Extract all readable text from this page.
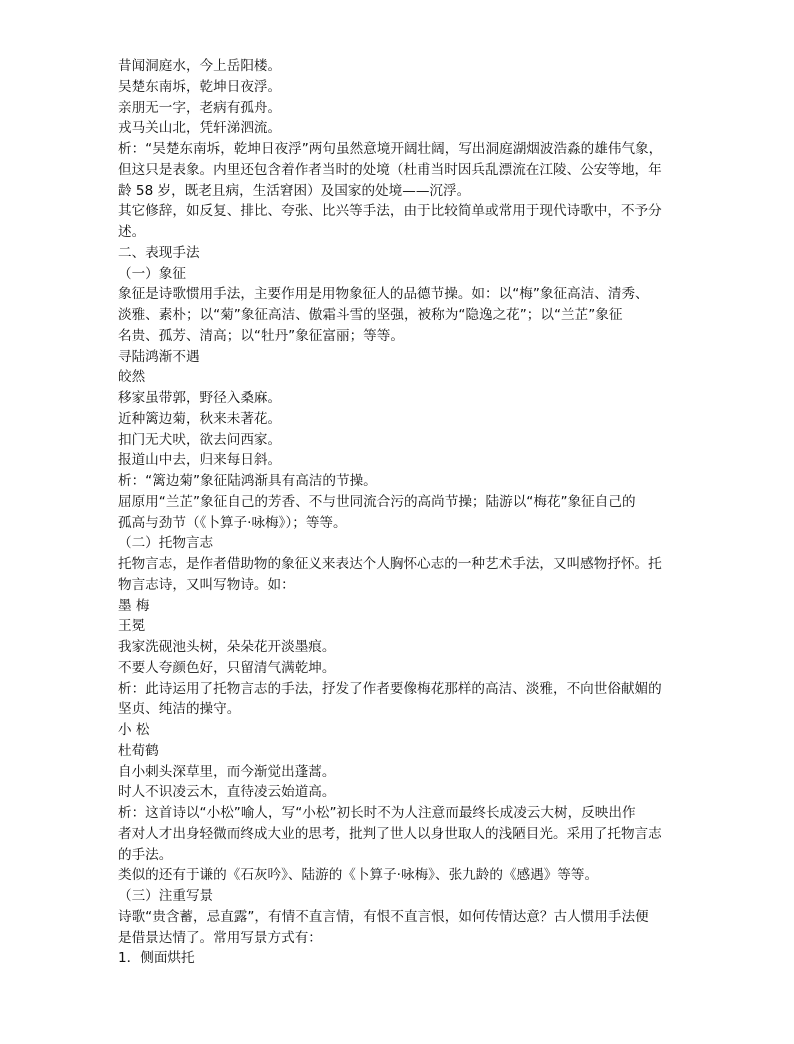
昔闻洞庭水，今上岳阳楼。
吴楚东南坼，乾坤日夜浮。
亲朋无一字，老病有孤舟。
戎马关山北，凭轩涕泗流。
析：“吴楚东南坼，乾坤日夜浮”两句虽然意境开阔壮阔，写出洞庭湖烟波浩淼的雄伟气象，
但这只是表象。内里还包含着作者当时的处境（杜甫当时因兵乱漂流在江陵、公安等地，年
龄 58 岁，既老且病，生活窘困）及国家的处境——沉浮。
其它修辞，如反复、排比、夸张、比兴等手法，由于比较简单或常用于现代诗歌中，不予分
述。
二、表现手法
（一）象征
象征是诗歌惯用手法，主要作用是用物象征人的品德节操。如：以“梅”象征高洁、清秀、
淡雅、素朴；以“菊”象征高洁、傲霜斗雪的坚强，被称为“隐逸之花”；以“兰芷”象征
名贵、孤芳、清高；以“牡丹”象征富丽；等等。
寻陆鸿渐不遇
皎然
移家虽带郭，野径入桑麻。
近种篱边菊，秋来未著花。
扣门无犬吠，欲去问西家。
报道山中去，归来每日斜。
析：“篱边菊”象征陆鸿渐具有高洁的节操。
屈原用“兰芷”象征自己的芳香、不与世同流合污的高尚节操；陆游以“梅花”象征自己的
孤高与劲节（《卜算子·咏梅》）；等等。
（二）托物言志
托物言志，是作者借助物的象征义来表达个人胸怀心志的一种艺术手法，又叫感物抒怀。托
物言志诗，又叫写物诗。如：
墨 梅
王冕
我家洗砚池头树，朵朵花开淡墨痕。
不要人夸颜色好，只留清气满乾坤。
析：此诗运用了托物言志的手法，抒发了作者要像梅花那样的高洁、淡雅，不向世俗献媚的
坚贞、纯洁的操守。
小 松
杜荀鹤
自小刺头深草里，而今渐觉出蓬蒿。
时人不识凌云木，直待凌云始道高。
析：这首诗以“小松”喻人，写“小松”初长时不为人注意而最终长成凌云大树，反映出作
者对人才出身轻微而终成大业的思考，批判了世人以身世取人的浅陋目光。采用了托物言志
的手法。
类似的还有于谦的《石灰吟》、陆游的《卜算子·咏梅》、张九龄的《感遇》等等。
（三）注重写景
诗歌“贵含蓄，忌直露”，有情不直言情，有恨不直言恨，如何传情达意？古人惯用手法便
是借景达情了。常用写景方式有：
1．侧面烘托
